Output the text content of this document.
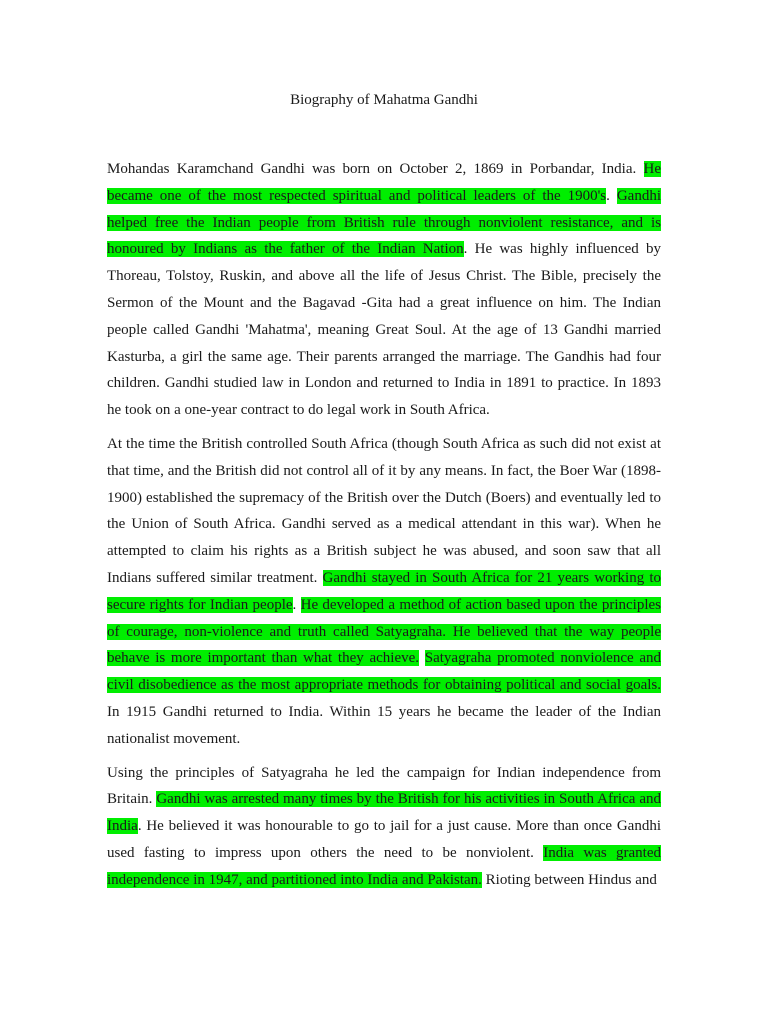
Biography of Mahatma Gandhi

Mohandas Karamchand Gandhi was born on October 2, 1869 in Porbandar, India. He became one of the most respected spiritual and political leaders of the 1900's. Gandhi helped free the Indian people from British rule through nonviolent resistance, and is honoured by Indians as the father of the Indian Nation. He was highly influenced by Thoreau, Tolstoy, Ruskin, and above all the life of Jesus Christ. The Bible, precisely the Sermon of the Mount and the Bagavad -Gita had a great influence on him. The Indian people called Gandhi 'Mahatma', meaning Great Soul. At the age of 13 Gandhi married Kasturba, a girl the same age. Their parents arranged the marriage. The Gandhis had four children. Gandhi studied law in London and returned to India in 1891 to practice. In 1893 he took on a one-year contract to do legal work in South Africa.

At the time the British controlled South Africa (though South Africa as such did not exist at that time, and the British did not control all of it by any means. In fact, the Boer War (1898-1900) established the supremacy of the British over the Dutch (Boers) and eventually led to the Union of South Africa. Gandhi served as a medical attendant in this war). When he attempted to claim his rights as a British subject he was abused, and soon saw that all Indians suffered similar treatment. Gandhi stayed in South Africa for 21 years working to secure rights for Indian people. He developed a method of action based upon the principles of courage, non-violence and truth called Satyagraha. He believed that the way people behave is more important than what they achieve. Satyagraha promoted nonviolence and civil disobedience as the most appropriate methods for obtaining political and social goals. In 1915 Gandhi returned to India. Within 15 years he became the leader of the Indian nationalist movement.

Using the principles of Satyagraha he led the campaign for Indian independence from Britain. Gandhi was arrested many times by the British for his activities in South Africa and India. He believed it was honourable to go to jail for a just cause. More than once Gandhi used fasting to impress upon others the need to be nonviolent. India was granted independence in 1947, and partitioned into India and Pakistan. Rioting between Hindus and
